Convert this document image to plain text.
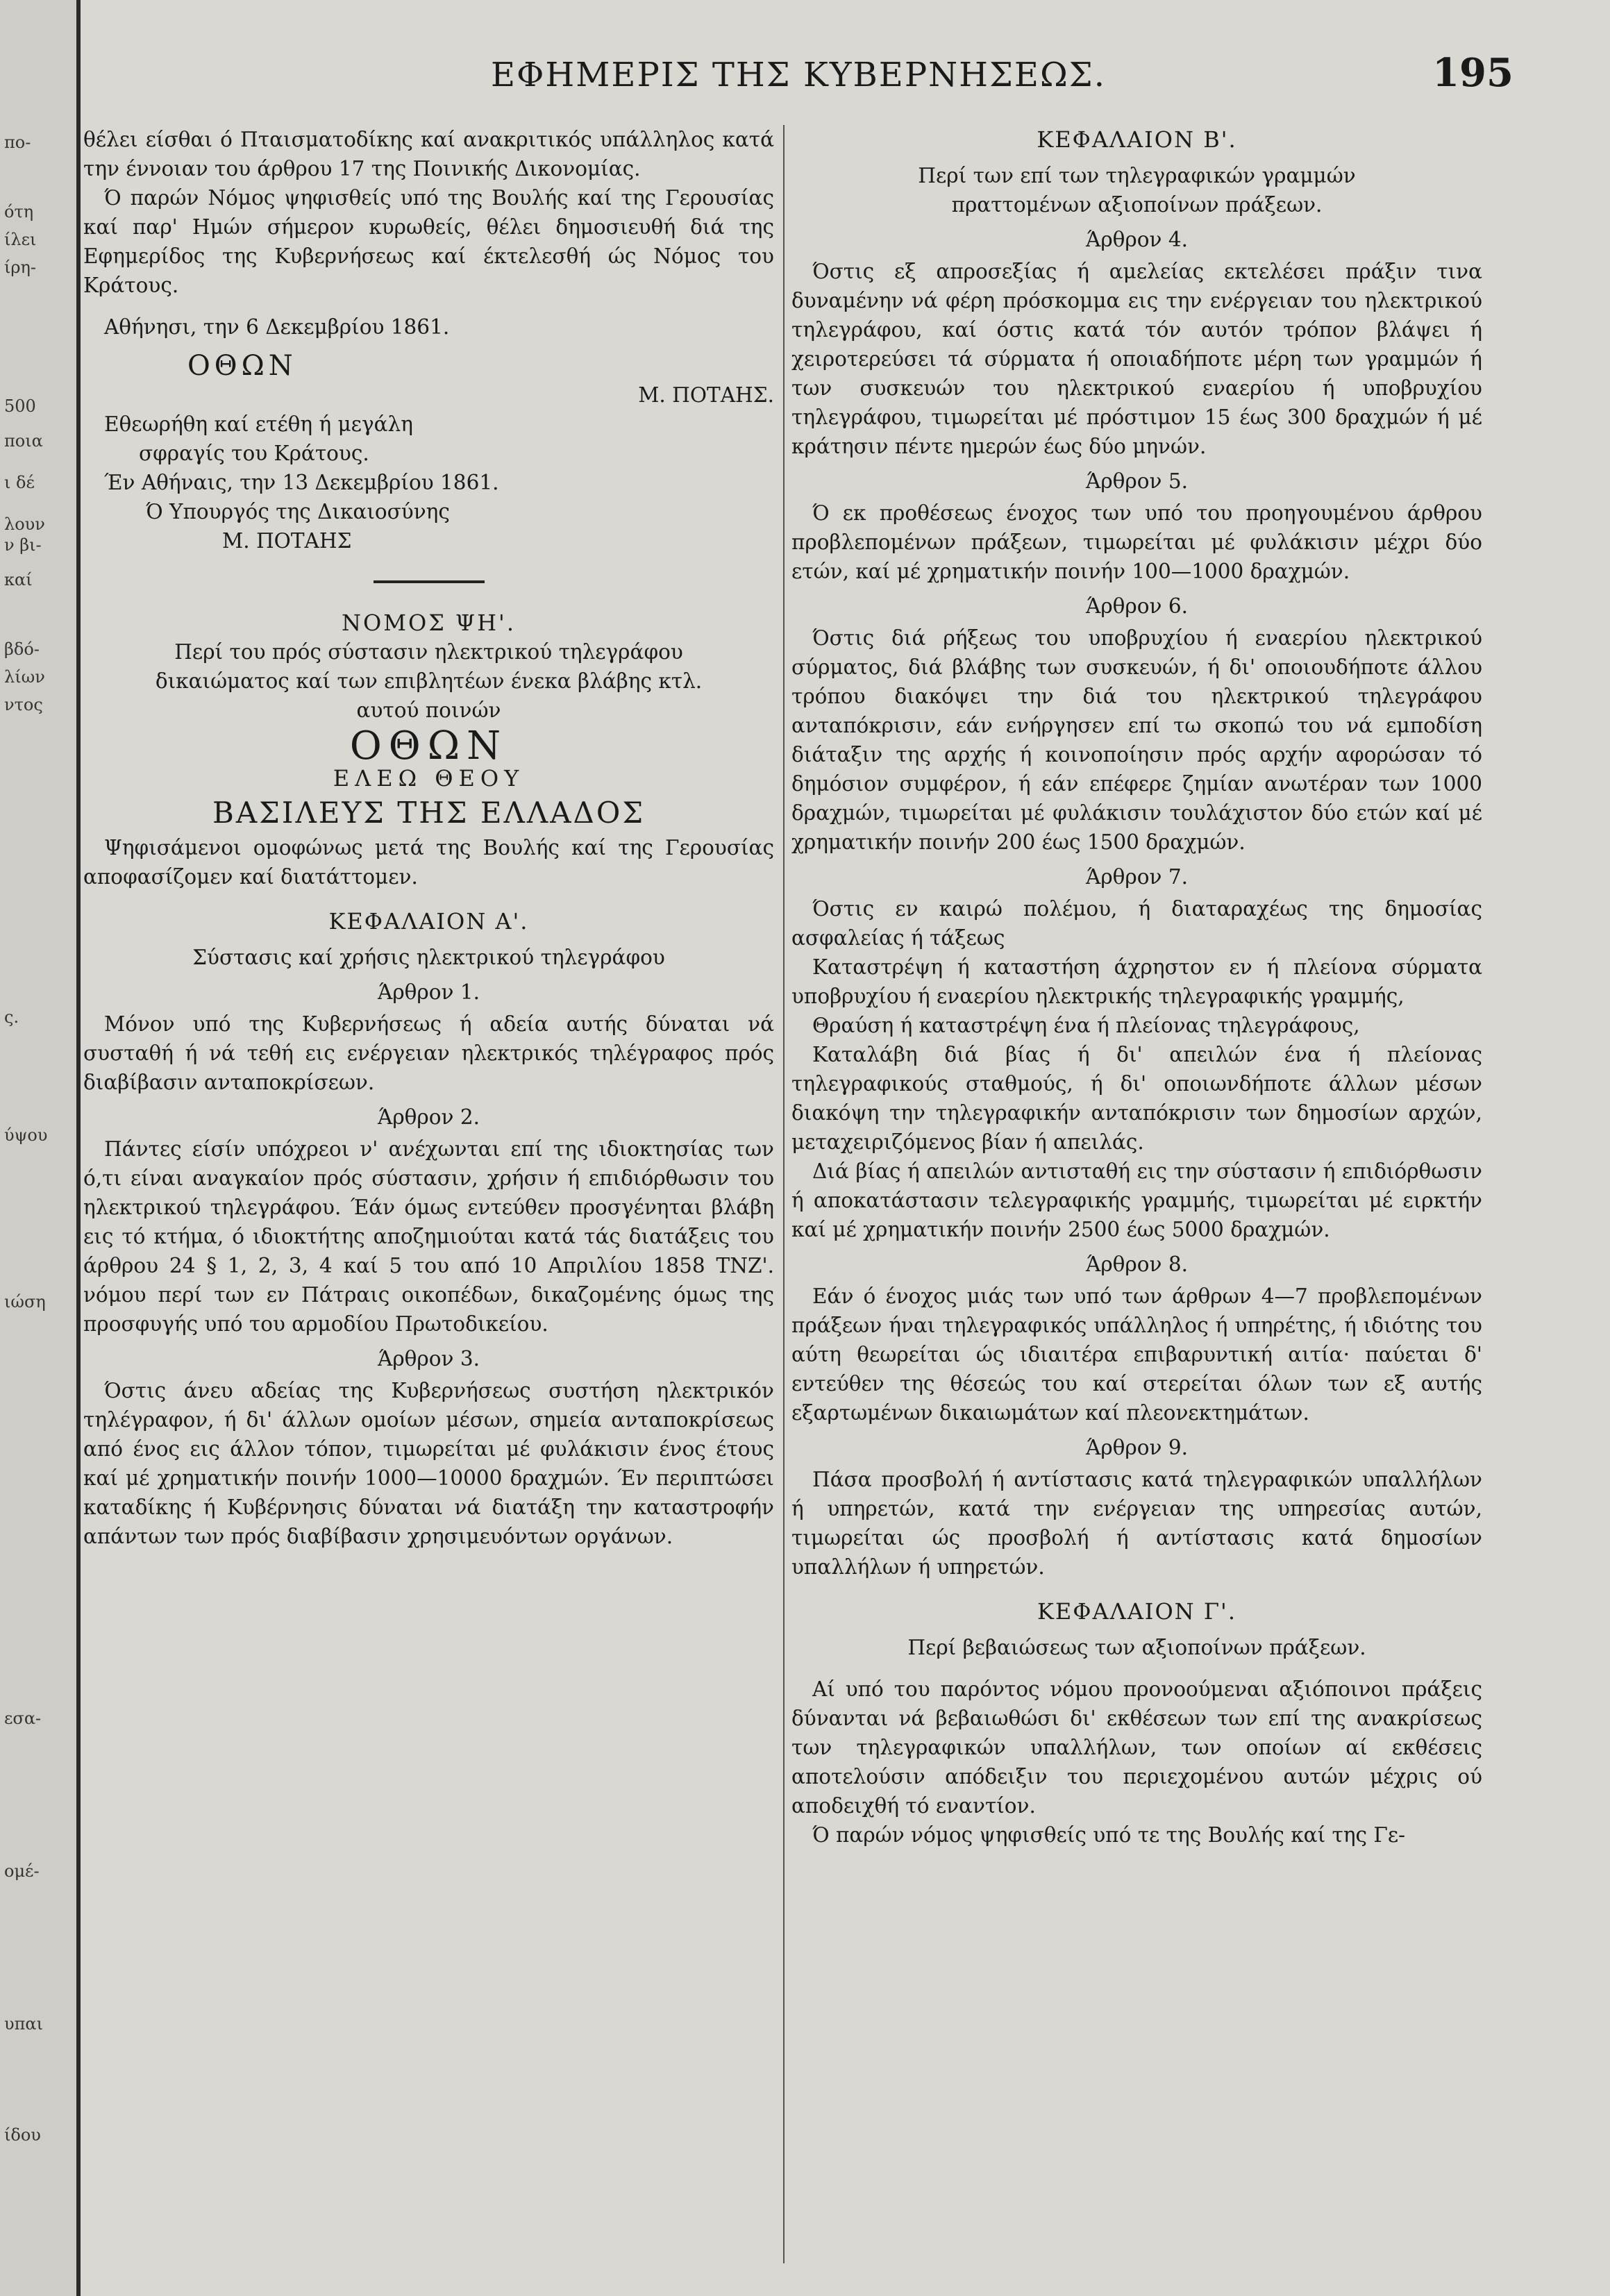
πο-
ότη
ίλει
ίρη-
500
ποια
ι δέ
λουν
ν βι-
καί
βδό-
λίων
ντος
ς.
ύψου
ιώση
εσα-
ομέ-
υπαι
ίδου
ΕΦΗΜΕΡΙΣ ΤΗΣ ΚΥΒΕΡΝΗΣΕΩΣ.	195

θέλει είσθαι ό Πταισματοδίκης καί ανακριτικός υπάλληλος κατά την έννοιαν του άρθρου 17 της Ποινικής Δικονομίας.

Ό παρών Νόμος ψηφισθείς υπό της Βουλής καί της Γερουσίας καί παρ' Ημών σήμερον κυρωθείς, θέλει δημοσιευθή διά της Εφημερίδος της Κυβερνήσεως καί έκτελεσθή ώς Νόμος του Κράτους.

Αθήνησι, την 6 Δεκεμβρίου 1861.

ΟΘΩΝ

Μ. ΠΟΤΑΗΣ.

Εθεωρήθη καί ετέθη ή μεγάλη

σφραγίς του Κράτους.

Έν Αθήναις, την 13 Δεκεμβρίου 1861.

Ό Υπουργός της Δικαιοσύνης

Μ. ΠΟΤΑΗΣ

ΝΟΜΟΣ ΨΗ'.

Περί του πρός σύστασιν ηλεκτρικού τηλεγράφου δικαιώματος καί των επιβλητέων ένεκα βλάβης κτλ. αυτού ποινών

ΟΘΩΝ
ΕΛΕΩ ΘΕΟΥ
ΒΑΣΙΛΕΥΣ ΤΗΣ ΕΛΛΑΔΟΣ

Ψηφισάμενοι ομοφώνως μετά της Βουλής καί της Γερουσίας αποφασίζομεν καί διατάττομεν.

ΚΕΦΑΛΑΙΟΝ Α'.

Σύστασις καί χρήσις ηλεκτρικού τηλεγράφου

Άρθρον 1.

Μόνον υπό της Κυβερνήσεως ή αδεία αυτής δύναται νά συσταθή ή νά τεθή εις ενέργειαν ηλεκτρικός τηλέγραφος πρός διαβίβασιν ανταποκρίσεων.

Άρθρον 2.

Πάντες είσίν υπόχρεοι ν' ανέχωνται επί της ιδιοκτησίας των ό,τι είναι αναγκαίον πρός σύστασιν, χρήσιν ή επιδιόρθωσιν του ηλεκτρικού τηλεγράφου. Έάν όμως εντεύθεν προσγένηται βλάβη εις τό κτήμα, ό ιδιοκτήτης αποζημιούται κατά τάς διατάξεις του άρθρου 24 § 1, 2, 3, 4 καί 5 του από 10 Απριλίου 1858 ΤΝΖ'. νόμου περί των εν Πάτραις οικοπέδων, δικαζομένης όμως της προσφυγής υπό του αρμοδίου Πρωτοδικείου.

Άρθρον 3.

Όστις άνευ αδείας της Κυβερνήσεως συστήση ηλεκτρικόν τηλέγραφον, ή δι' άλλων ομοίων μέσων, σημεία ανταποκρίσεως από ένος εις άλλον τόπον, τιμωρείται μέ φυλάκισιν ένος έτους καί μέ χρηματικήν ποινήν 1000—10000 δραχμών. Έν περιπτώσει καταδίκης ή Κυβέρνησις δύναται νά διατάξη την καταστροφήν απάντων των πρός διαβίβασιν χρησιμευόντων οργάνων.

ΚΕΦΑΛΑΙΟΝ Β'.

Περί των επί των τηλεγραφικών γραμμών πραττομένων αξιοποίνων πράξεων.

Άρθρον 4.

Όστις εξ απροσεξίας ή αμελείας εκτελέσει πράξιν τινα δυναμένην νά φέρη πρόσκομμα εις την ενέργειαν του ηλεκτρικού τηλεγράφου, καί όστις κατά τόν αυτόν τρόπον βλάψει ή χειροτερεύσει τά σύρματα ή οποιαδήποτε μέρη των γραμμών ή των συσκευών του ηλεκτρικού εναερίου ή υποβρυχίου τηλεγράφου, τιμωρείται μέ πρόστιμον 15 έως 300 δραχμών ή μέ κράτησιν πέντε ημερών έως δύο μηνών.

Άρθρον 5.

Ό εκ προθέσεως ένοχος των υπό του προηγουμένου άρθρου προβλεπομένων πράξεων, τιμωρείται μέ φυλάκισιν μέχρι δύο ετών, καί μέ χρηματικήν ποινήν 100—1000 δραχμών.

Άρθρον 6.

Όστις διά ρήξεως του υποβρυχίου ή εναερίου ηλεκτρικού σύρματος, διά βλάβης των συσκευών, ή δι' οποιουδήποτε άλλου τρόπου διακόψει την διά του ηλεκτρικού τηλεγράφου ανταπόκρισιν, εάν ενήργησεν επί τω σκοπώ του νά εμποδίση διάταξιν της αρχής ή κοινοποίησιν πρός αρχήν αφορώσαν τό δημόσιον συμφέρον, ή εάν επέφερε ζημίαν ανωτέραν των 1000 δραχμών, τιμωρείται μέ φυλάκισιν τουλάχιστον δύο ετών καί μέ χρηματικήν ποινήν 200 έως 1500 δραχμών.

Άρθρον 7.

Όστις εν καιρώ πολέμου, ή διαταραχέως της δημοσίας ασφαλείας ή τάξεως

Καταστρέψη ή καταστήση άχρηστον εν ή πλείονα σύρματα υποβρυχίου ή εναερίου ηλεκτρικής τηλεγραφικής γραμμής,

Θραύση ή καταστρέψη ένα ή πλείονας τηλεγράφους,

Καταλάβη διά βίας ή δι' απειλών ένα ή πλείονας τηλεγραφικούς σταθμούς, ή δι' οποιωνδήποτε άλλων μέσων διακόψη την τηλεγραφικήν ανταπόκρισιν των δημοσίων αρχών, μεταχειριζόμενος βίαν ή απειλάς.

Διά βίας ή απειλών αντισταθή εις την σύστασιν ή επιδιόρθωσιν ή αποκατάστασιν τελεγραφικής γραμμής, τιμωρείται μέ ειρκτήν καί μέ χρηματικήν ποινήν 2500 έως 5000 δραχμών.

Άρθρον 8.

Εάν ό ένοχος μιάς των υπό των άρθρων 4—7 προβλεπομένων πράξεων ήναι τηλεγραφικός υπάλληλος ή υπηρέτης, ή ιδιότης του αύτη θεωρείται ώς ιδιαιτέρα επιβαρυντική αιτία· παύεται δ' εντεύθεν της θέσεώς του καί στερείται όλων των εξ αυτής εξαρτωμένων δικαιωμάτων καί πλεονεκτημάτων.

Άρθρον 9.

Πάσα προσβολή ή αντίστασις κατά τηλεγραφικών υπαλλήλων ή υπηρετών, κατά την ενέργειαν της υπηρεσίας αυτών, τιμωρείται ώς προσβολή ή αντίστασις κατά δημοσίων υπαλλήλων ή υπηρετών.

ΚΕΦΑΛΑΙΟΝ Γ'.

Περί βεβαιώσεως των αξιοποίνων πράξεων.

Αί υπό του παρόντος νόμου προνοούμεναι αξιόποινοι πράξεις δύνανται νά βεβαιωθώσι δι' εκθέσεων των επί της ανακρίσεως των τηλεγραφικών υπαλλήλων, των οποίων αί εκθέσεις αποτελούσιν απόδειξιν του περιεχομένου αυτών μέχρις ού αποδειχθή τό εναντίον.

Ό παρών νόμος ψηφισθείς υπό τε της Βουλής καί της Γε-
